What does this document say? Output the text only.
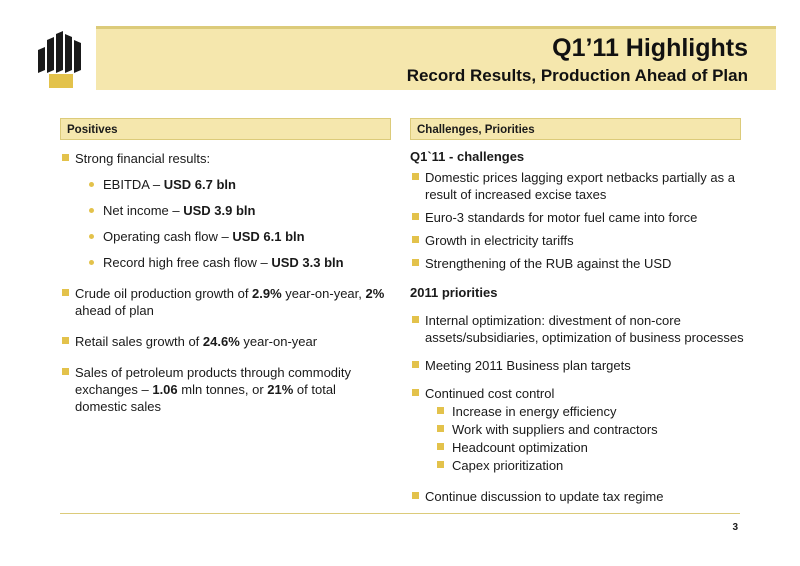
Q1’11 Highlights
Record Results, Production Ahead of Plan
Positives	Challenges, Priorities
Strong financial results:
EBITDA – USD 6.7 bln
Net income – USD 3.9 bln
Operating cash flow – USD 6.1 bln
Record high free cash flow – USD 3.3 bln
Crude oil production growth of 2.9% year-on-year, 2% ahead of plan
Retail sales growth of 24.6% year-on-year
Sales of petroleum products through commodity exchanges – 1.06 mln tonnes, or 21% of total domestic sales
Q1`11 - challenges
Domestic prices lagging export netbacks partially as a result of increased excise taxes
Euro-3 standards for motor fuel came into force
Growth in electricity tariffs
Strengthening of the RUB against the USD
2011 priorities
Internal optimization: divestment of non-core assets/subsidiaries, optimization of business processes
Meeting 2011 Business plan targets
Continued cost control
Increase in energy efficiency
Work with suppliers and contractors
Headcount optimization
Capex prioritization
Continue discussion to update tax regime
3
